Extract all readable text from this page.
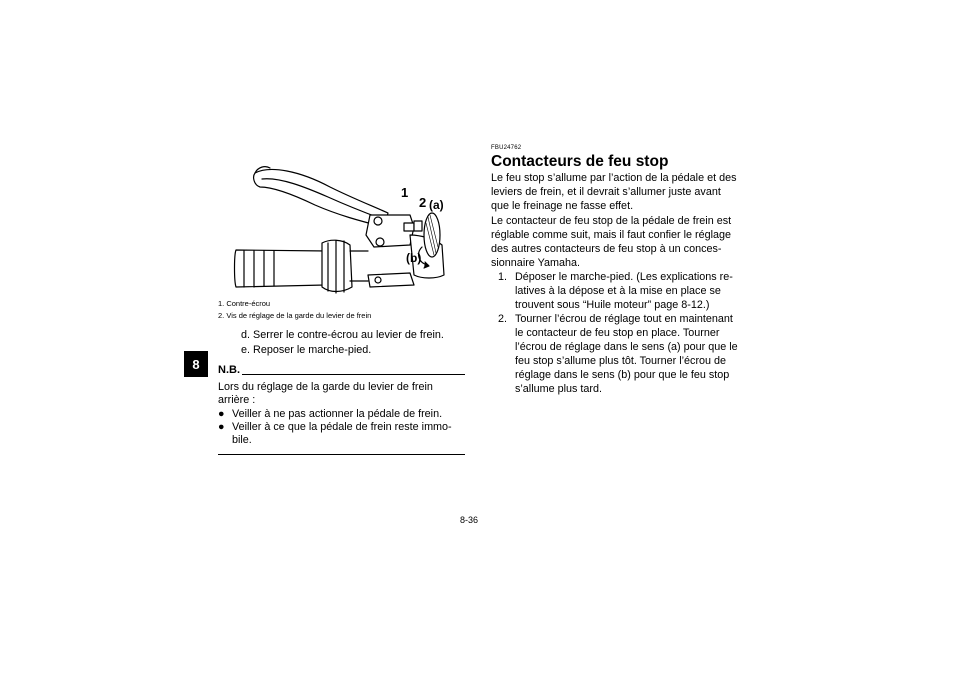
8
1
2 (a)
(b)
1. Contre-écrou
2. Vis de réglage de la garde du levier de frein
d. Serrer le contre-écrou au levier de frein.
e. Reposer le marche-pied.
N.B.
Lors du réglage de la garde du levier de frein
arrière :
● Veiller à ne pas actionner la pédale de frein.
● Veiller à ce que la pédale de frein reste immo-
bile.
FBU24762
Contacteurs de feu stop
Le feu stop s’allume par l’action de la pédale et des
leviers de frein, et il devrait s’allumer juste avant
que le freinage ne fasse effet.
Le contacteur de feu stop de la pédale de frein est
réglable comme suit, mais il faut confier le réglage
des autres contacteurs de feu stop à un conces-
sionnaire Yamaha.
1. Déposer le marche-pied. (Les explications re-
latives à la dépose et à la mise en place se
trouvent sous “Huile moteur” page 8-12.)
2. Tourner l’écrou de réglage tout en maintenant
le contacteur de feu stop en place. Tourner
l’écrou de réglage dans le sens (a) pour que le
feu stop s’allume plus tôt. Tourner l’écrou de
réglage dans le sens (b) pour que le feu stop
s’allume plus tard.
8-36
